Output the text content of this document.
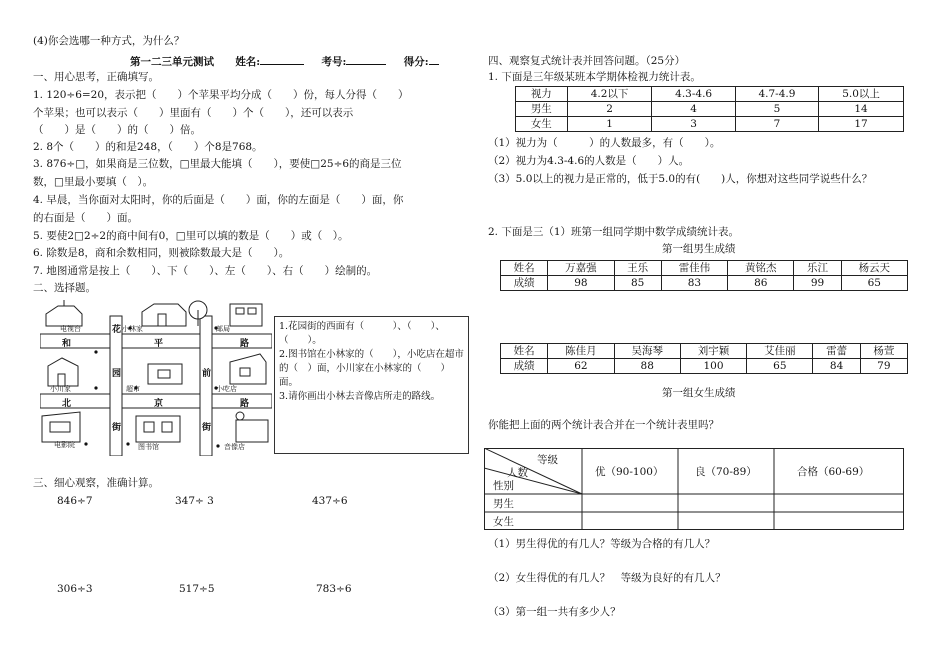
(4)你会选哪一种方式，为什么？
第一二三单元测试 姓名:	考号:	得分:
一、用心思考，正确填写。
1. 120÷6=20，表示把（　　）个苹果平均分成（　　）份，每人分得（　　）
个苹果；也可以表示（　　）里面有（　　）个（　　），还可以表示
（　　）是（　　）的（　　）倍。
2. 8个（　　）的和是248，（　　）个8是768。
3. 876÷□，如果商是三位数，□里最大能填（　　），要使□25÷6的商是三位
数，□里最小要填（　）。
4. 早晨，当你面对太阳时，你的后面是（　　）面，你的左面是（　　）面，你
的右面是（　　）面。
5. 要使2□2÷2的商中间有0，□里可以填的数是（　　）或（　）。
6. 除数是8，商和余数相同，则被除数最大是（　　）。
7. 地图通常是按上（　　）、下（　　）、左（　　）、右（　　）绘制的。
二、选择题。
电视台	小林家	邮局
小川家	超市	小吃店
电影院	图书馆	音像店
花
平	路
和
园	前
北	京	路
街	街
1.花园街的西面有（　　　）、（　　）、（　　）。
2.图书馆在小林家的（　　），小吃店在超市的（　）面，小川家在小林家的（　　）面。
3.请你画出小林去音像店所走的路线。
三、细心观察，准确计算。
846÷7	347÷ 3	437÷6
306÷3	517÷5	783÷6
四、观察复式统计表并回答问题。（25分）
1. 下面是三年级某班本学期体检视力统计表。
视力	4.2以下	4.3-4.6	4.7-4.9	5.0以上
男生	2	4	5	14
女生	1	3	7	17
（1）视力为（　　　）的人数最多，有（　　）。
（2）视力为4.3-4.6的人数是（　　）人。
（3）5.0以上的视力是正常的，低于5.0的有(　　)人，你想对这些同学说些什么？
2. 下面是三（1）班第一组同学期中数学成绩统计表。
第一组男生成绩
姓名	万嘉强	王乐	雷佳伟	黄铭杰	乐江	杨云天
成绩	98	85	83	86	99	65
姓名	陈佳月	吴海琴	刘宇颖	艾佳丽	雷蕾	杨萱
成绩	62	88	100	65	84	79
第一组女生成绩
你能把上面的两个统计表合并在一个统计表里吗？
等级
人数
性别
优（90-100）	良（70-89）	合格（60-69）
男生
女生
（1）男生得优的有几人？等级为合格的有几人？
（2）女生得优的有几人？　等级为良好的有几人？
（3）第一组一共有多少人？
